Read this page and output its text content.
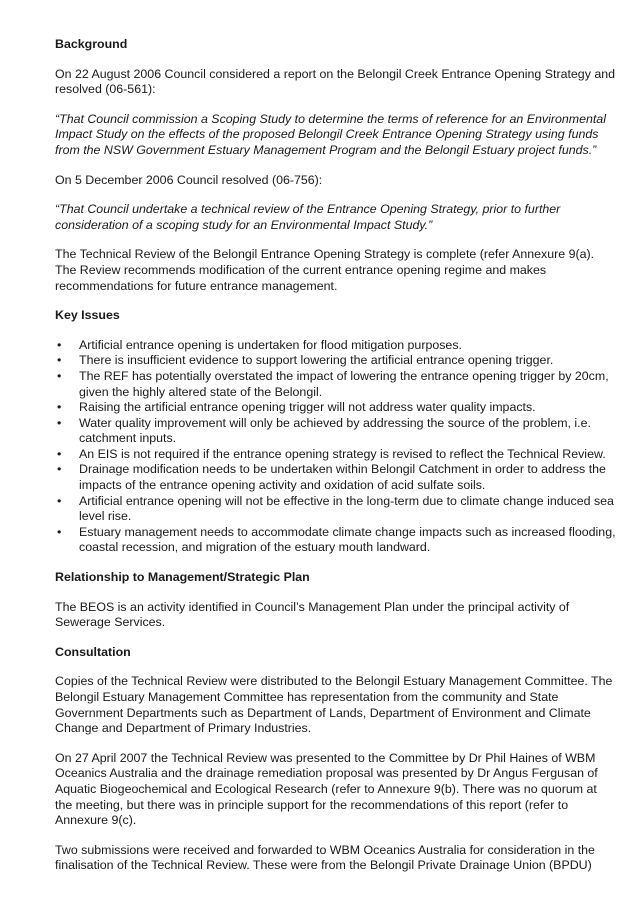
Background

On 22 August 2006 Council considered a report on the Belongil Creek Entrance Opening Strategy and resolved (06-561):

“That Council commission a Scoping Study to determine the terms of reference for an Environmental Impact Study on the effects of the proposed Belongil Creek Entrance Opening Strategy using funds from the NSW Government Estuary Management Program and the Belongil Estuary project funds.”

On 5 December 2006 Council resolved (06-756):

“That Council undertake a technical review of the Entrance Opening Strategy, prior to further consideration of a scoping study for an Environmental Impact Study.”

The Technical Review of the Belongil Entrance Opening Strategy is complete (refer Annexure 9(a). The Review recommends modification of the current entrance opening regime and makes recommendations for future entrance management.

Key Issues
• Artificial entrance opening is undertaken for flood mitigation purposes.
• There is insufficient evidence to support lowering the artificial entrance opening trigger.
• The REF has potentially overstated the impact of lowering the entrance opening trigger by 20cm, given the highly altered state of the Belongil.
• Raising the artificial entrance opening trigger will not address water quality impacts.
• Water quality improvement will only be achieved by addressing the source of the problem, i.e. catchment inputs.
• An EIS is not required if the entrance opening strategy is revised to reflect the Technical Review.
• Drainage modification needs to be undertaken within Belongil Catchment in order to address the impacts of the entrance opening activity and oxidation of acid sulfate soils.
• Artificial entrance opening will not be effective in the long-term due to climate change induced sea level rise.
• Estuary management needs to accommodate climate change impacts such as increased flooding, coastal recession, and migration of the estuary mouth landward.
Relationship to Management/Strategic Plan

The BEOS is an activity identified in Council’s Management Plan under the principal activity of Sewerage Services.

Consultation

Copies of the Technical Review were distributed to the Belongil Estuary Management Committee. The Belongil Estuary Management Committee has representation from the community and State Government Departments such as Department of Lands, Department of Environment and Climate Change and Department of Primary Industries.

On 27 April 2007 the Technical Review was presented to the Committee by Dr Phil Haines of WBM Oceanics Australia and the drainage remediation proposal was presented by Dr Angus Fergusan of Aquatic Biogeochemical and Ecological Research (refer to Annexure 9(b). There was no quorum at the meeting, but there was in principle support for the recommendations of this report (refer to Annexure 9(c).

Two submissions were received and forwarded to WBM Oceanics Australia for consideration in the finalisation of the Technical Review. These were from the Belongil Private Drainage Union (BPDU)
